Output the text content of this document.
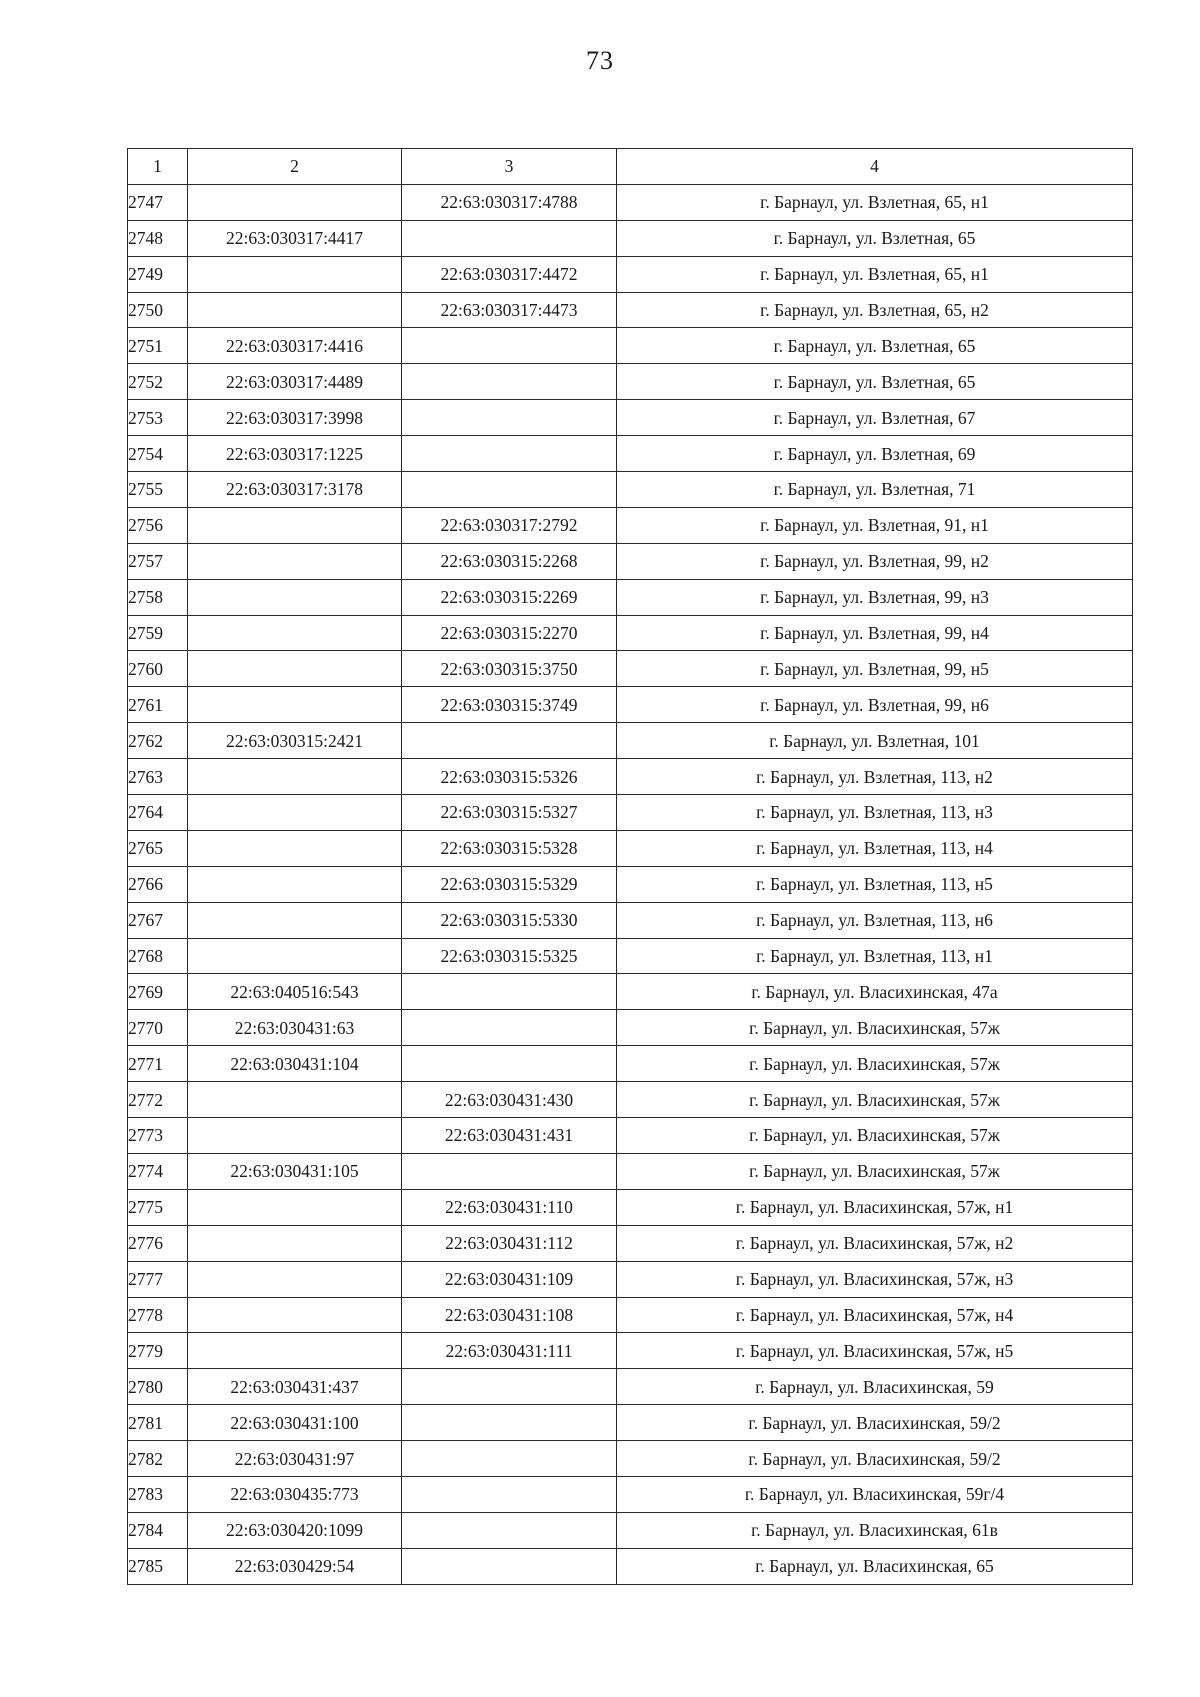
73
1	2	3	4
2747		22:63:030317:4788	г. Барнаул, ул. Взлетная, 65, н1
2748	22:63:030317:4417		г. Барнаул, ул. Взлетная, 65
2749		22:63:030317:4472	г. Барнаул, ул. Взлетная, 65, н1
2750		22:63:030317:4473	г. Барнаул, ул. Взлетная, 65, н2
2751	22:63:030317:4416		г. Барнаул, ул. Взлетная, 65
2752	22:63:030317:4489		г. Барнаул, ул. Взлетная, 65
2753	22:63:030317:3998		г. Барнаул, ул. Взлетная, 67
2754	22:63:030317:1225		г. Барнаул, ул. Взлетная, 69
2755	22:63:030317:3178		г. Барнаул, ул. Взлетная, 71
2756		22:63:030317:2792	г. Барнаул, ул. Взлетная, 91, н1
2757		22:63:030315:2268	г. Барнаул, ул. Взлетная, 99, н2
2758		22:63:030315:2269	г. Барнаул, ул. Взлетная, 99, н3
2759		22:63:030315:2270	г. Барнаул, ул. Взлетная, 99, н4
2760		22:63:030315:3750	г. Барнаул, ул. Взлетная, 99, н5
2761		22:63:030315:3749	г. Барнаул, ул. Взлетная, 99, н6
2762	22:63:030315:2421		г. Барнаул, ул. Взлетная, 101
2763		22:63:030315:5326	г. Барнаул, ул. Взлетная, 113, н2
2764		22:63:030315:5327	г. Барнаул, ул. Взлетная, 113, н3
2765		22:63:030315:5328	г. Барнаул, ул. Взлетная, 113, н4
2766		22:63:030315:5329	г. Барнаул, ул. Взлетная, 113, н5
2767		22:63:030315:5330	г. Барнаул, ул. Взлетная, 113, н6
2768		22:63:030315:5325	г. Барнаул, ул. Взлетная, 113, н1
2769	22:63:040516:543		г. Барнаул, ул. Власихинская, 47а
2770	22:63:030431:63		г. Барнаул, ул. Власихинская, 57ж
2771	22:63:030431:104		г. Барнаул, ул. Власихинская, 57ж
2772		22:63:030431:430	г. Барнаул, ул. Власихинская, 57ж
2773		22:63:030431:431	г. Барнаул, ул. Власихинская, 57ж
2774	22:63:030431:105		г. Барнаул, ул. Власихинская, 57ж
2775		22:63:030431:110	г. Барнаул, ул. Власихинская, 57ж, н1
2776		22:63:030431:112	г. Барнаул, ул. Власихинская, 57ж, н2
2777		22:63:030431:109	г. Барнаул, ул. Власихинская, 57ж, н3
2778		22:63:030431:108	г. Барнаул, ул. Власихинская, 57ж, н4
2779		22:63:030431:111	г. Барнаул, ул. Власихинская, 57ж, н5
2780	22:63:030431:437		г. Барнаул, ул. Власихинская, 59
2781	22:63:030431:100		г. Барнаул, ул. Власихинская, 59/2
2782	22:63:030431:97		г. Барнаул, ул. Власихинская, 59/2
2783	22:63:030435:773		г. Барнаул, ул. Власихинская, 59г/4
2784	22:63:030420:1099		г. Барнаул, ул. Власихинская, 61в
2785	22:63:030429:54		г. Барнаул, ул. Власихинская, 65
